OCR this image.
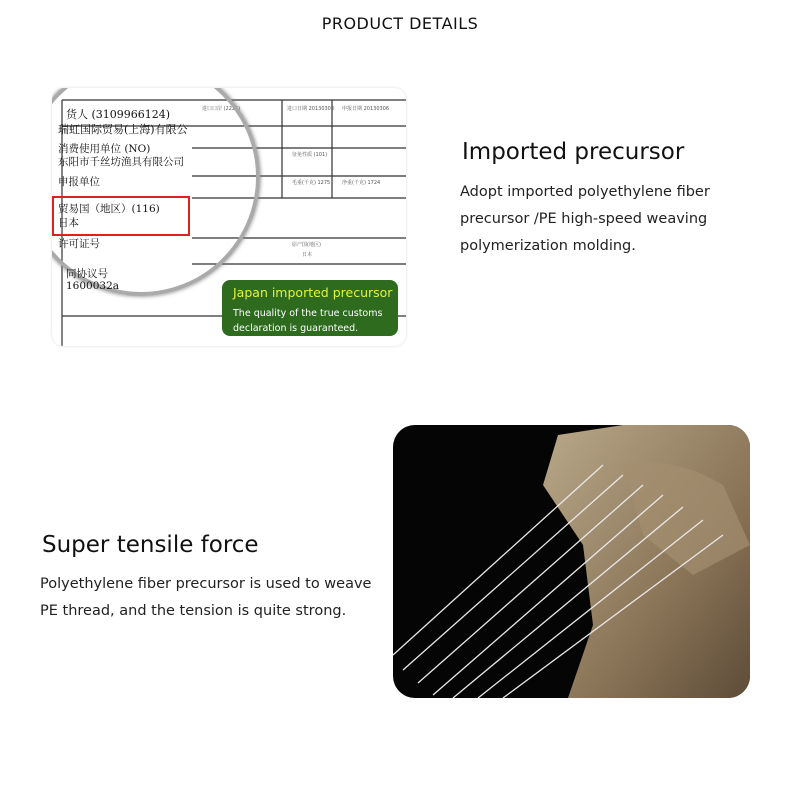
PRODUCT DETAILS
进口口岸 (2225)	进口日期 20130303 申报日期 20130306
征免性质 (101)
毛重(千克) 1275 净重(千克) 1724
原产国(地区)
日本
货人 (3109966124)
瑞虹国际贸易(上海)有限公
消费使用单位 (NO)
东阳市千丝坊渔具有限公司
申报单位
贸易国（地区）(116)
日本
许可证号
同协议号
1600032a	Japan imported precursor
The quality of the true customs
declaration is guaranteed.
Imported precursor
Adopt imported polyethylene fiber
precursor /PE high-speed weaving
polymerization molding.
Super tensile force
Polyethylene fiber precursor is used to weave
PE thread, and the tension is quite strong.
